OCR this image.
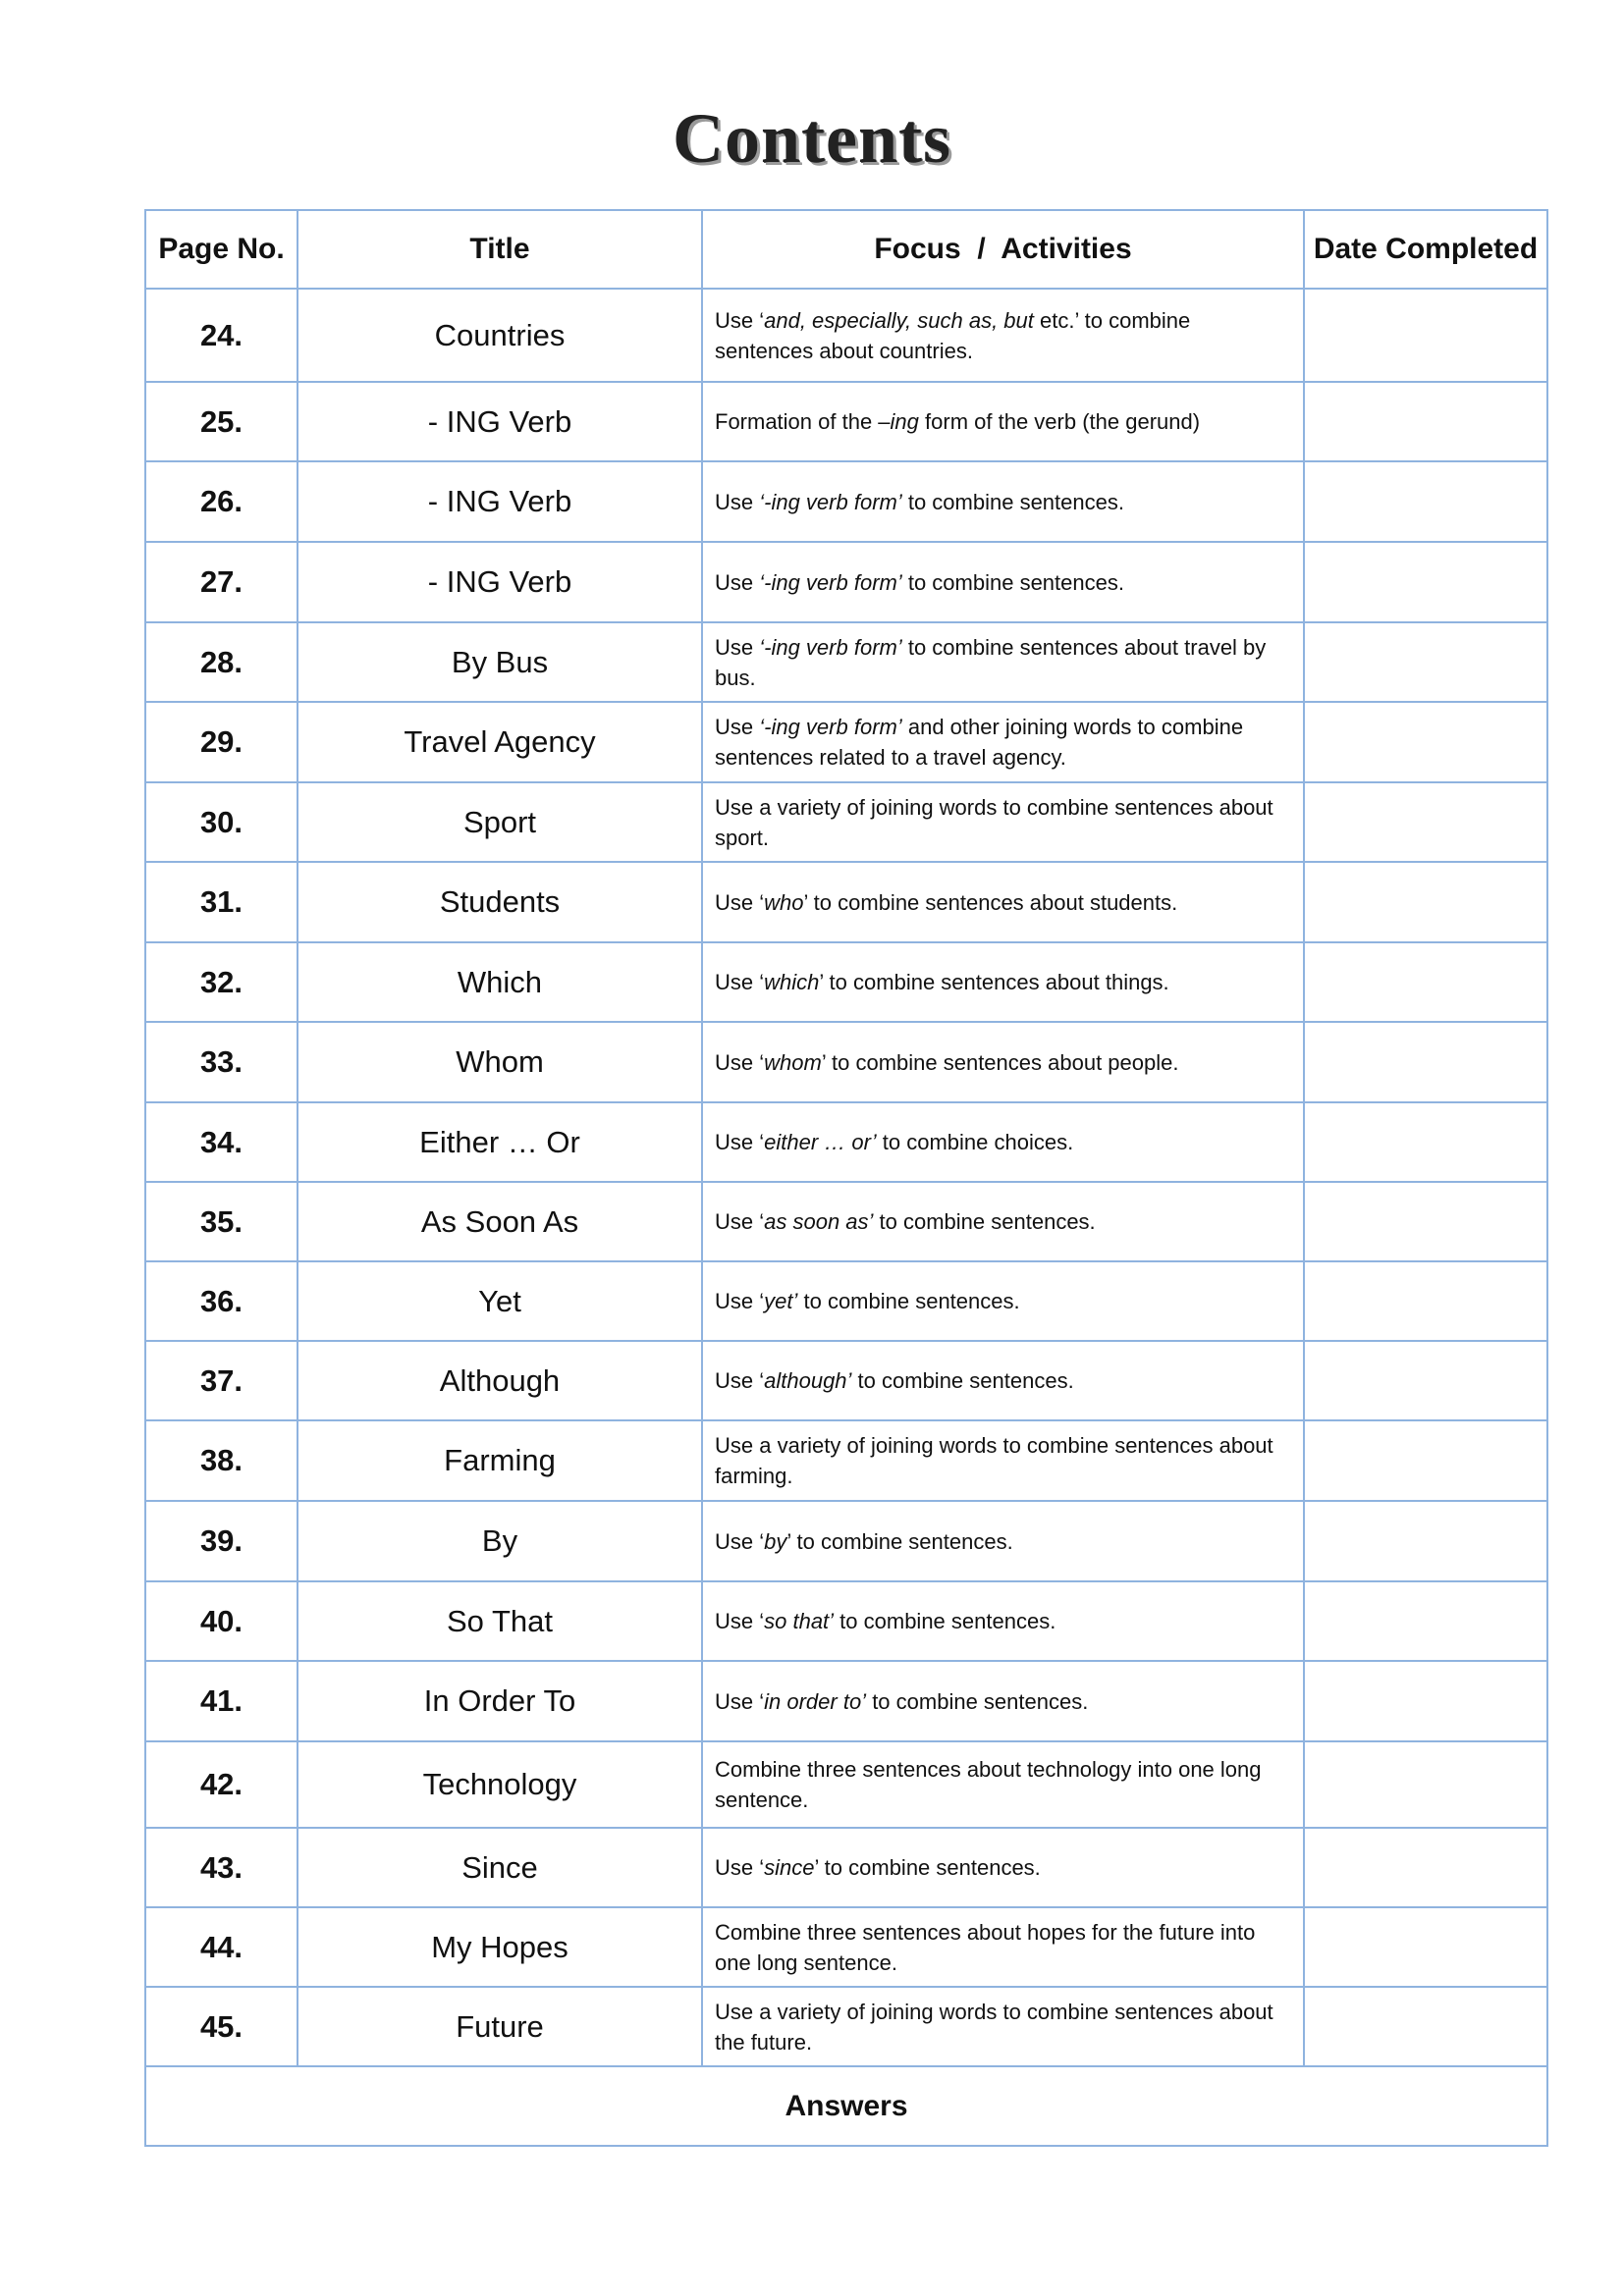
Contents
Page No.	Title	Focus  /  Activities	Date Completed
24.	Countries	Use ‘and, especially, such as, but etc.’ to combine sentences about countries.	
25.	- ING Verb	Formation of the –ing form of the verb (the gerund)	
26.	- ING Verb	Use ‘-ing verb form’ to combine sentences.	
27.	- ING Verb	Use ‘-ing verb form’ to combine sentences.	
28.	By Bus	Use ‘-ing verb form’ to combine sentences about travel by bus.	
29.	Travel Agency	Use ‘-ing verb form’ and other joining words to combine sentences related to a travel agency.	
30.	Sport	Use a variety of joining words to combine sentences about sport.	
31.	Students	Use ‘who’ to combine sentences about students.	
32.	Which	Use ‘which’ to combine sentences about things.	
33.	Whom	Use ‘whom’ to combine sentences about people.	
34.	Either … Or	Use ‘either … or’ to combine choices.	
35.	As Soon As	Use ‘as soon as’ to combine sentences.	
36.	Yet	Use ‘yet’ to combine sentences.	
37.	Although	Use ‘although’ to combine sentences.	
38.	Farming	Use a variety of joining words to combine sentences about farming.	
39.	By	Use ‘by’ to combine sentences.	
40.	So That	Use ‘so that’ to combine sentences.	
41.	In Order To	Use ‘in order to’ to combine sentences.	
42.	Technology	Combine three sentences about technology into one long sentence.	
43.	Since	Use ‘since’ to combine sentences.	
44.	My Hopes	Combine three sentences about hopes for the future into one long sentence.	
45.	Future	Use a variety of joining words to combine sentences about the future.	
Answers			
